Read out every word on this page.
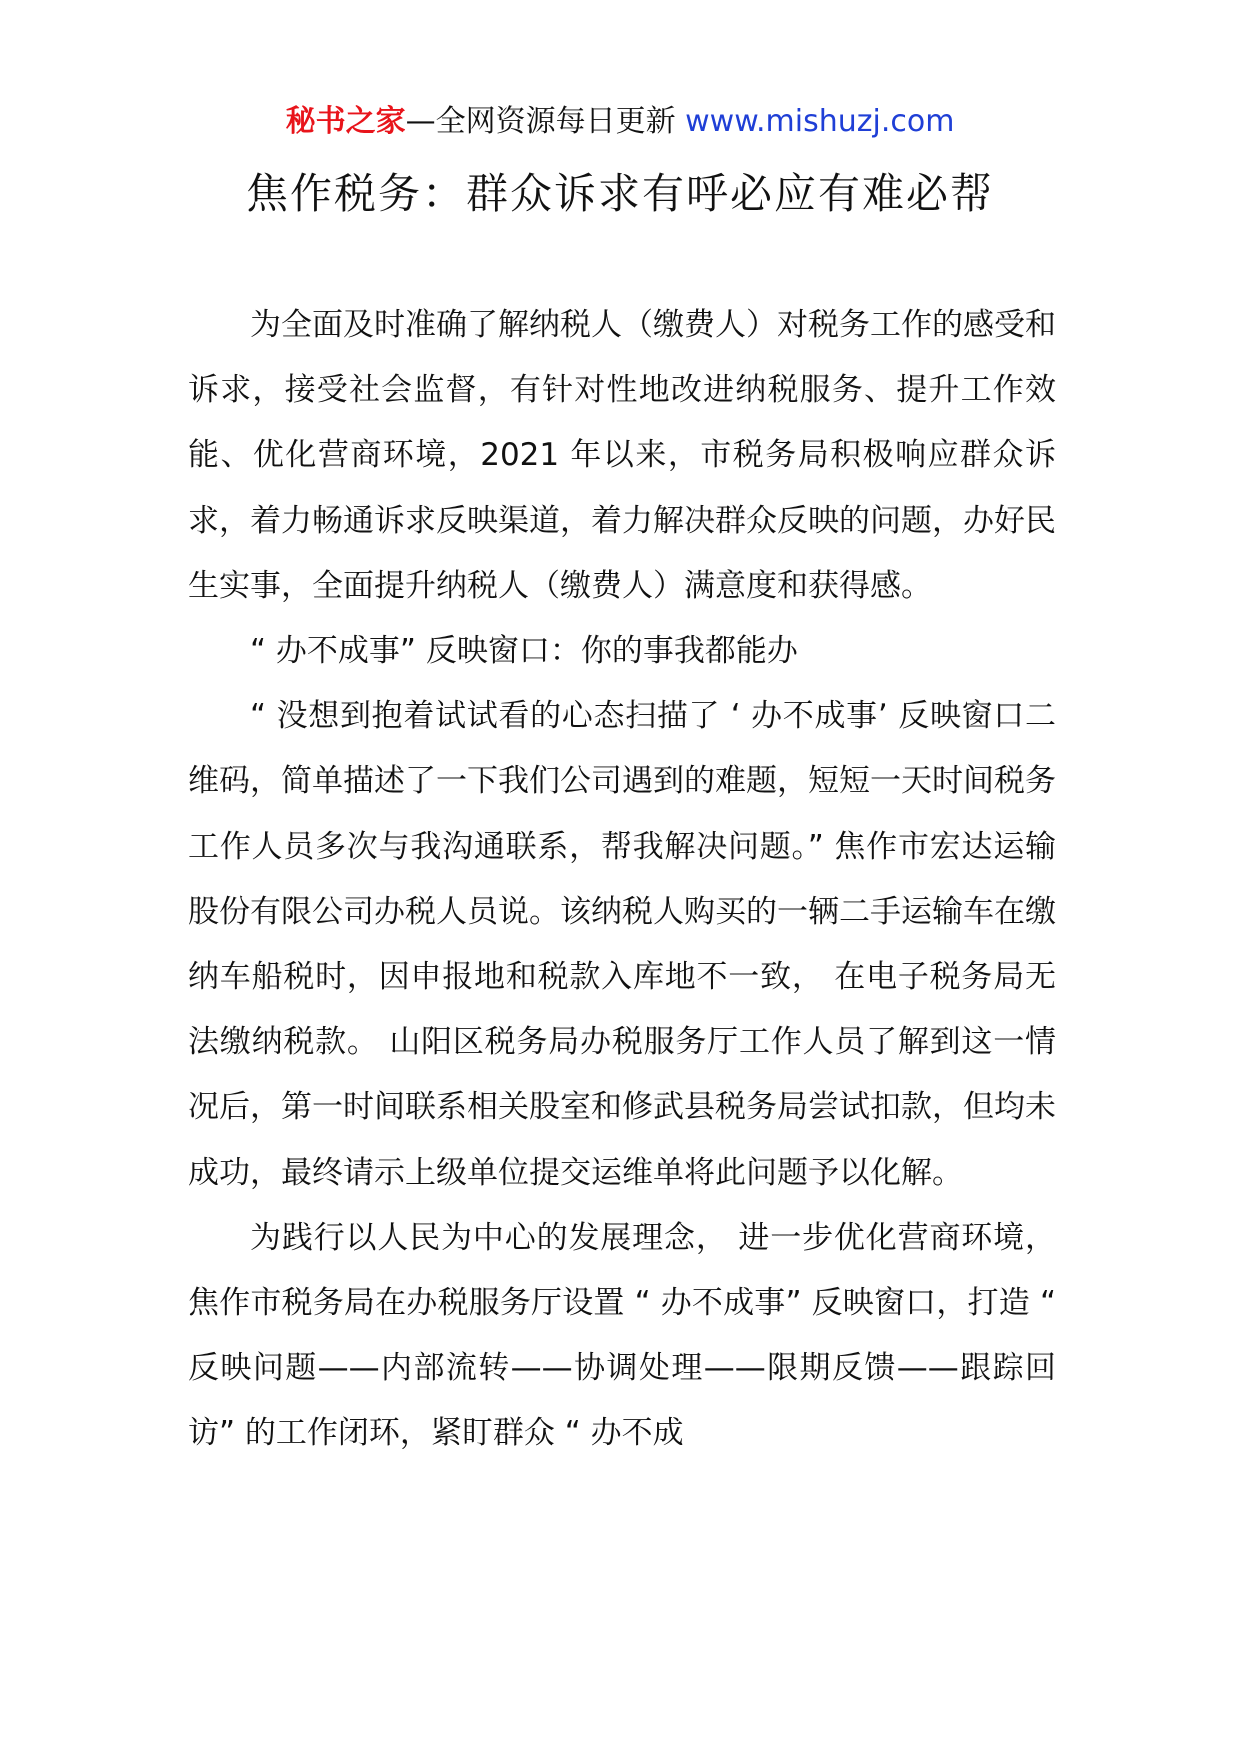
秘书之家—全网资源每日更新 www.mishuzj.com
焦作税务：群众诉求有呼必应有难必帮

为全面及时准确了解纳税人（缴费人）对税务工作的感受和诉求，接受社会监督，有针对性地改进纳税服务、提升工作效能、优化营商环境，2021 年以来，市税务局积极响应群众诉求，着力畅通诉求反映渠道，着力解决群众反映的问题，办好民生实事，全面提升纳税人（缴费人）满意度和获得感。

“ 办不成事” 反映窗口：你的事我都能办

“ 没想到抱着试试看的心态扫描了 ‘ 办不成事’ 反映窗口二维码，简单描述了一下我们公司遇到的难题，短短一天时间税务工作人员多次与我沟通联系，帮我解决问题。” 焦作市宏达运输股份有限公司办税人员说。该纳税人购买的一辆二手运输车在缴纳车船税时，因申报地和税款入库地不一致， 在电子税务局无法缴纳税款。 山阳区税务局办税服务厅工作人员了解到这一情况后，第一时间联系相关股室和修武县税务局尝试扣款，但均未成功，最终请示上级单位提交运维单将此问题予以化解。

为践行以人民为中心的发展理念， 进一步优化营商环境， 焦作市税务局在办税服务厅设置 “ 办不成事” 反映窗口，打造 “ 反映问题——内部流转——协调处理——限期反馈——跟踪回访” 的工作闭环，紧盯群众 “ 办不成
